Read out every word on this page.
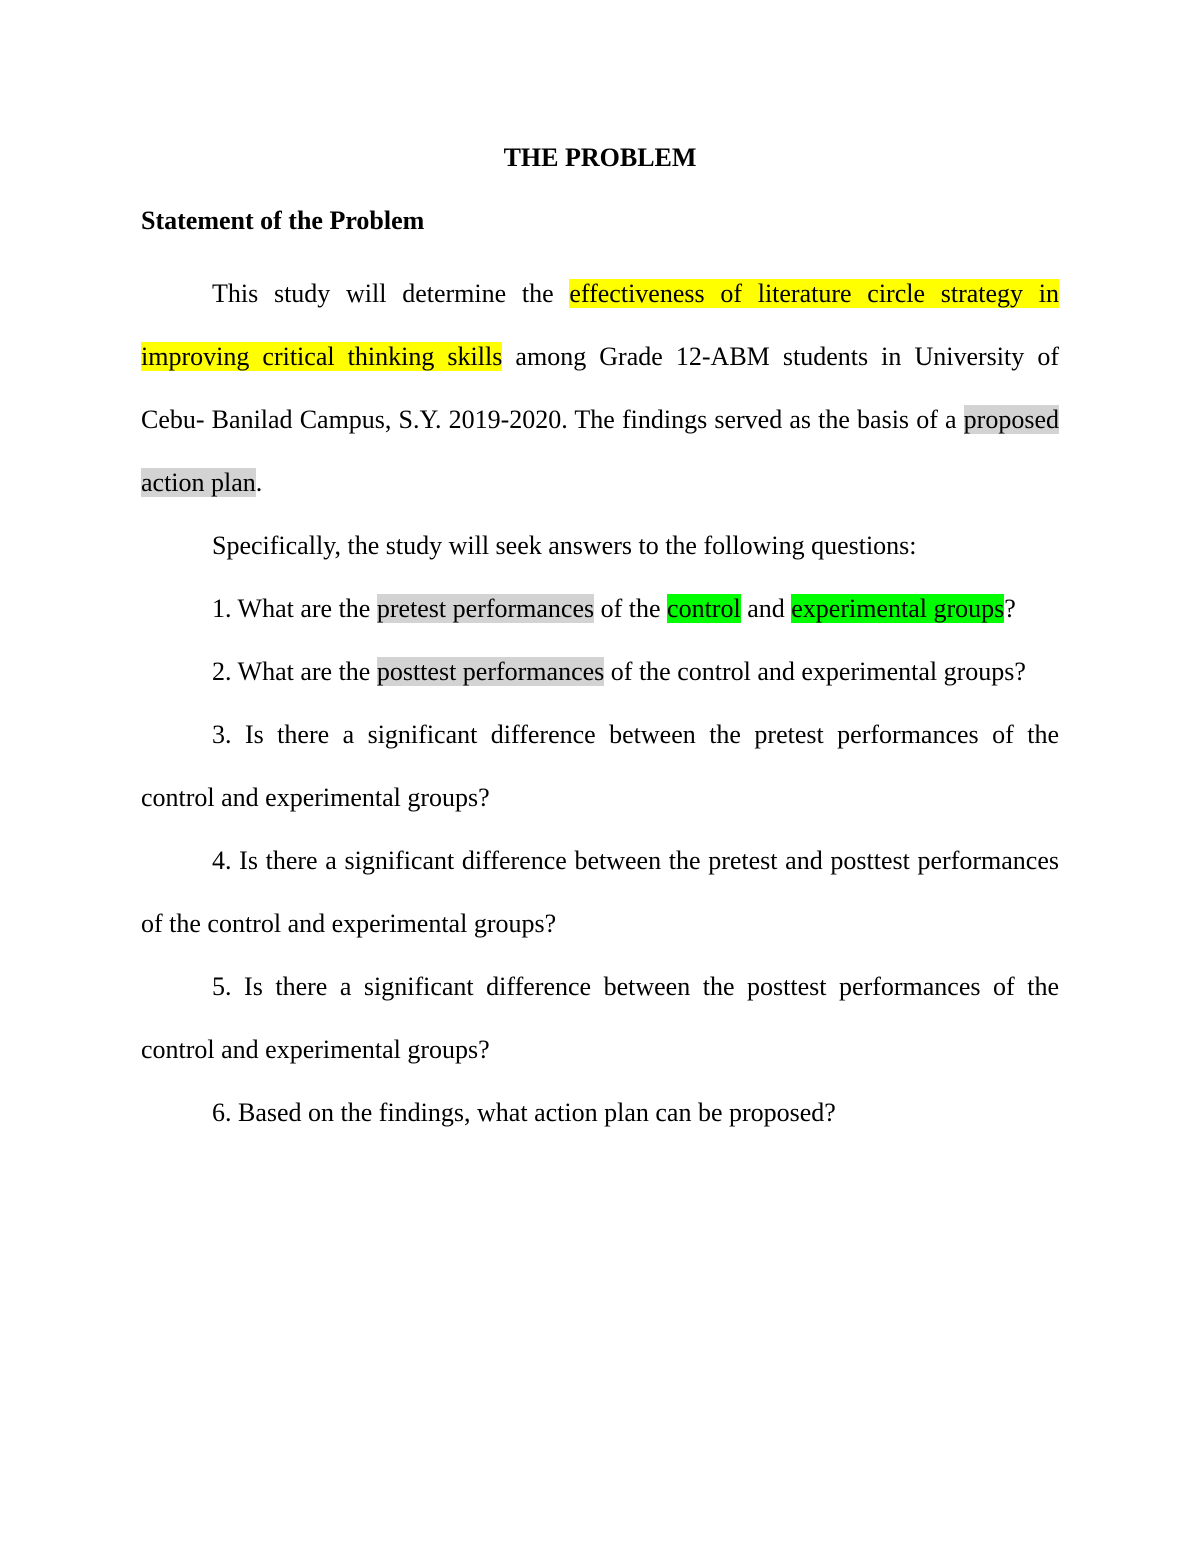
THE PROBLEM
Statement of the Problem

This study will determine the effectiveness of literature circle strategy in improving critical thinking skills among Grade 12-ABM students in University of Cebu- Banilad Campus, S.Y. 2019-2020. The findings served as the basis of a proposed action plan.

Specifically, the study will seek answers to the following questions:

1. What are the pretest performances of the control and experimental groups?

2. What are the posttest performances of the control and experimental groups?

3. Is there a significant difference between the pretest performances of the control and experimental groups?

4. Is there a significant difference between the pretest and posttest performances of the control and experimental groups?

5. Is there a significant difference between the posttest performances of the control and experimental groups?

6. Based on the findings, what action plan can be proposed?
